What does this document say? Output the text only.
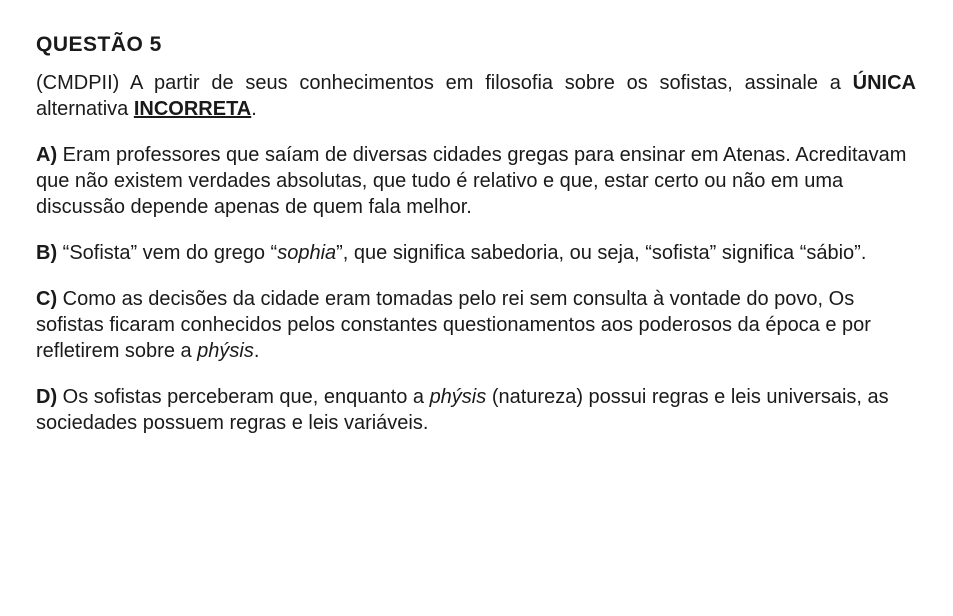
QUESTÃO 5

(CMDPII) A partir de seus conhecimentos em filosofia sobre os sofistas, assinale a ÚNICA alternativa INCORRETA.

A) Eram professores que saíam de diversas cidades gregas para ensinar em Atenas. Acreditavam que não existem verdades absolutas, que tudo é relativo e que, estar certo ou não em uma discussão depende apenas de quem fala melhor.

B) “Sofista” vem do grego “sophia”, que significa sabedoria, ou seja, “sofista” significa “sábio”.

C) Como as decisões da cidade eram tomadas pelo rei sem consulta à vontade do povo, Os sofistas ficaram conhecidos pelos constantes questionamentos aos poderosos da época e por refletirem sobre a phýsis.

D) Os sofistas perceberam que, enquanto a phýsis (natureza) possui regras e leis universais, as sociedades possuem regras e leis variáveis.
